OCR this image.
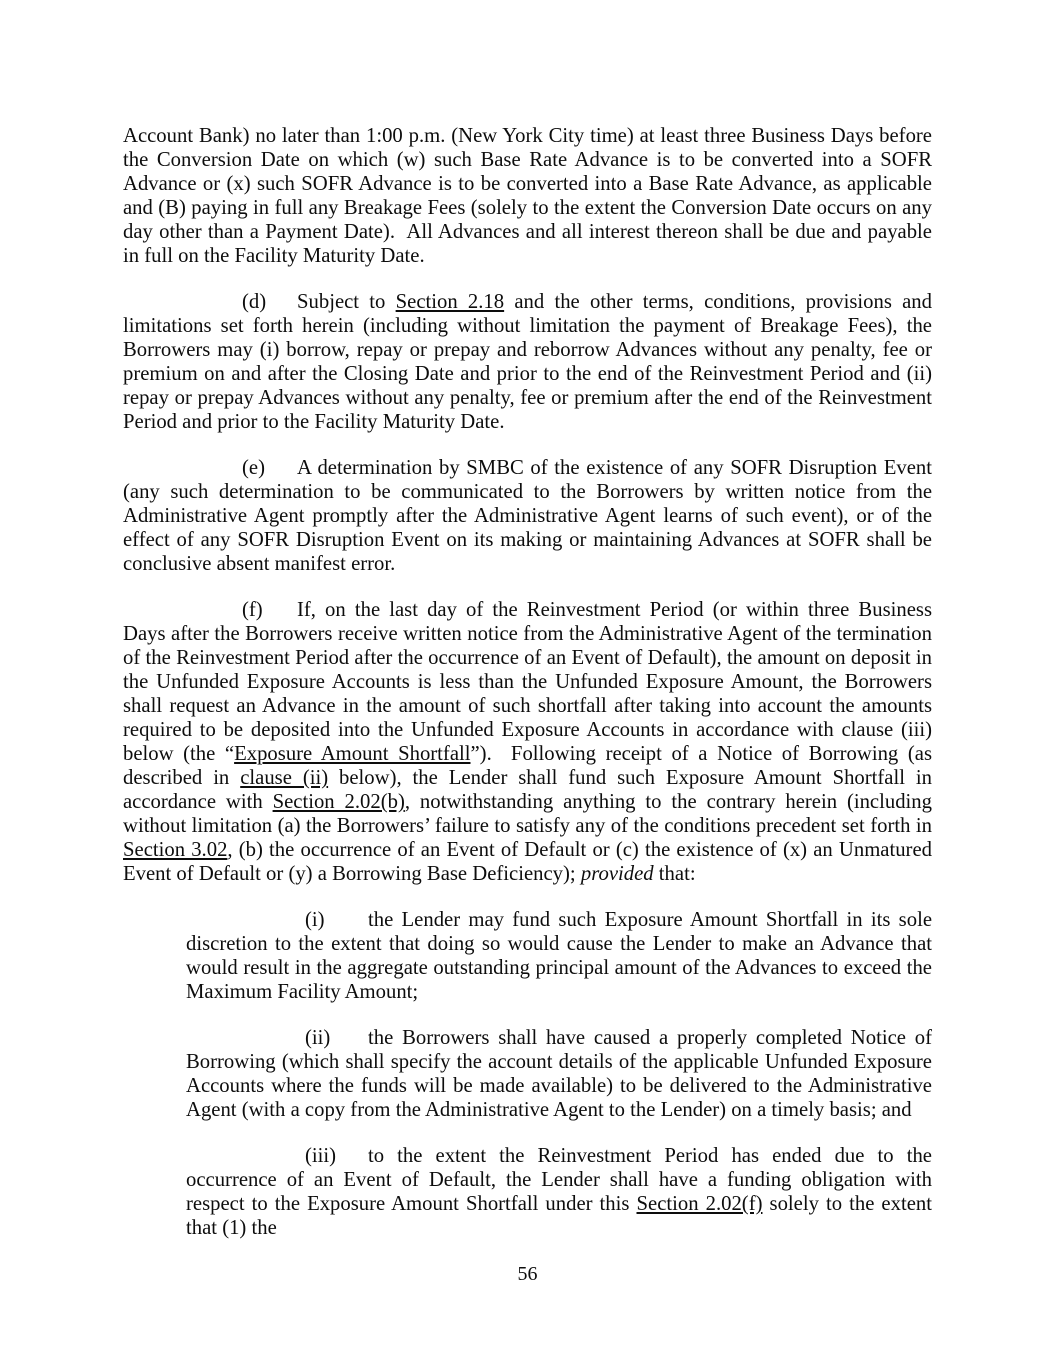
Account Bank) no later than 1:00 p.m. (New York City time) at least three Business Days before the Conversion Date on which (w) such Base Rate Advance is to be converted into a SOFR Advance or (x) such SOFR Advance is to be converted into a Base Rate Advance, as applicable and (B) paying in full any Breakage Fees (solely to the extent the Conversion Date occurs on any day other than a Payment Date).  All Advances and all interest thereon shall be due and payable in full on the Facility Maturity Date.

(d) Subject to Section 2.18 and the other terms, conditions, provisions and limitations set forth herein (including without limitation the payment of Breakage Fees), the Borrowers may (i) borrow, repay or prepay and reborrow Advances without any penalty, fee or premium on and after the Closing Date and prior to the end of the Reinvestment Period and (ii) repay or prepay Advances without any penalty, fee or premium after the end of the Reinvestment Period and prior to the Facility Maturity Date.

(e) A determination by SMBC of the existence of any SOFR Disruption Event (any such determination to be communicated to the Borrowers by written notice from the Administrative Agent promptly after the Administrative Agent learns of such event), or of the effect of any SOFR Disruption Event on its making or maintaining Advances at SOFR shall be conclusive absent manifest error.

(f) If, on the last day of the Reinvestment Period (or within three Business Days after the Borrowers receive written notice from the Administrative Agent of the termination of the Reinvestment Period after the occurrence of an Event of Default), the amount on deposit in the Unfunded Exposure Accounts is less than the Unfunded Exposure Amount, the Borrowers shall request an Advance in the amount of such shortfall after taking into account the amounts required to be deposited into the Unfunded Exposure Accounts in accordance with clause (iii) below (the “Exposure Amount Shortfall”).  Following receipt of a Notice of Borrowing (as described in clause (ii) below), the Lender shall fund such Exposure Amount Shortfall in accordance with Section 2.02(b), notwithstanding anything to the contrary herein (including without limitation (a) the Borrowers’ failure to satisfy any of the conditions precedent set forth in Section 3.02, (b) the occurrence of an Event of Default or (c) the existence of (x) an Unmatured Event of Default or (y) a Borrowing Base Deficiency); provided that:

(i) the Lender may fund such Exposure Amount Shortfall in its sole discretion to the extent that doing so would cause the Lender to make an Advance that would result in the aggregate outstanding principal amount of the Advances to exceed the Maximum Facility Amount;

(ii) the Borrowers shall have caused a properly completed Notice of Borrowing (which shall specify the account details of the applicable Unfunded Exposure Accounts where the funds will be made available) to be delivered to the Administrative Agent (with a copy from the Administrative Agent to the Lender) on a timely basis; and

(iii) to the extent the Reinvestment Period has ended due to the occurrence of an Event of Default, the Lender shall have a funding obligation with respect to the Exposure Amount Shortfall under this Section 2.02(f) solely to the extent that (1) the

56
